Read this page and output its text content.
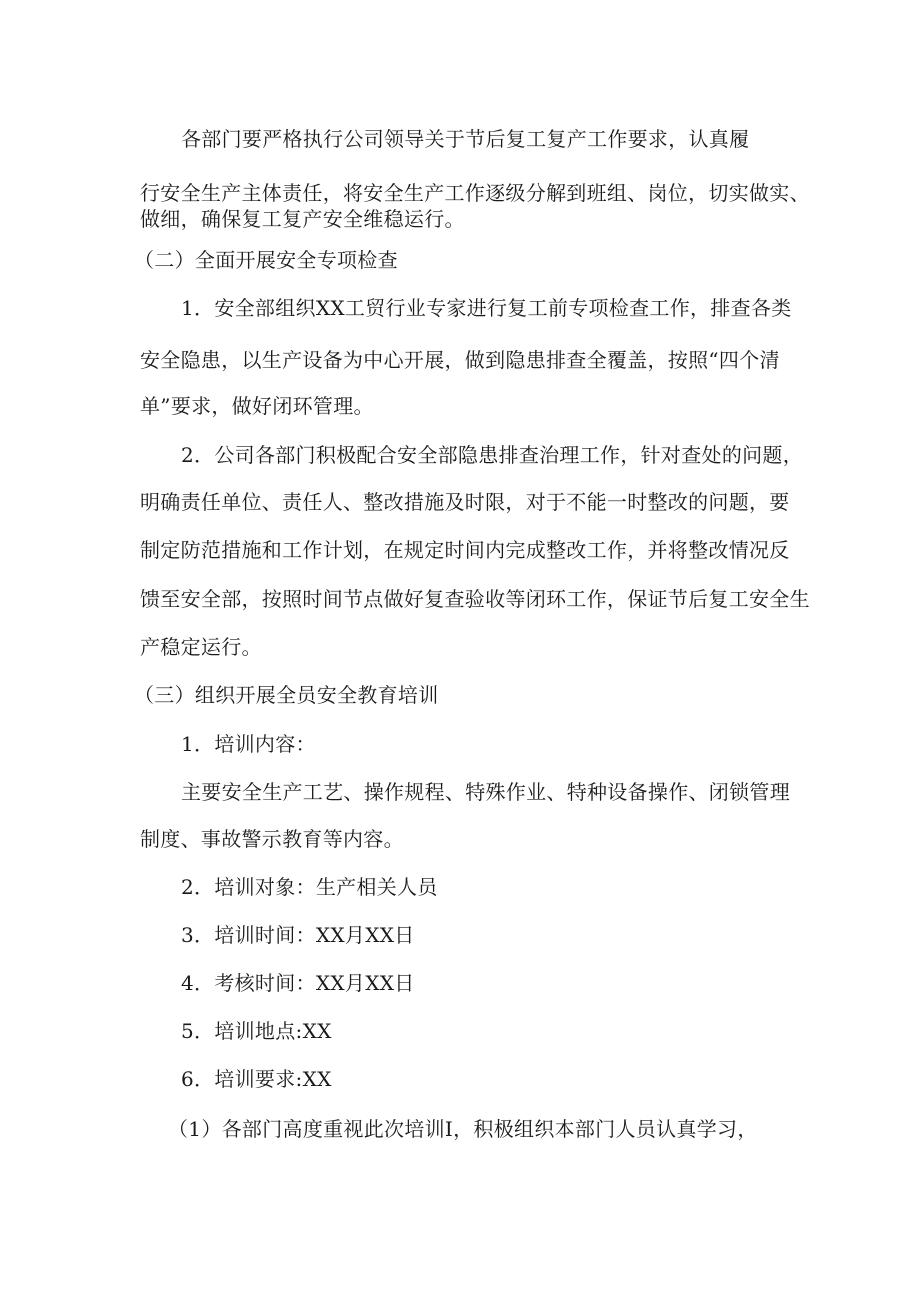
各部门要严格执行公司领导关于节后复工复产工作要求，认真履
行安全生产主体责任，将安全生产工作逐级分解到班组、岗位，切实做实、
做细，确保复工复产安全维稳运行。
（二）全面开展安全专项检查
1．安全部组织XX工贸行业专家进行复工前专项检查工作，排查各类
安全隐患，以生产设备为中心开展，做到隐患排查全覆盖，按照“四个清
单”要求，做好闭环管理。
2．公司各部门积极配合安全部隐患排查治理工作，针对查处的问题，
明确责任单位、责任人、整改措施及时限，对于不能一时整改的问题，要
制定防范措施和工作计划，在规定时间内完成整改工作，并将整改情况反
馈至安全部，按照时间节点做好复查验收等闭环工作，保证节后复工安全生
产稳定运行。
（三）组织开展全员安全教育培训
1．培训内容：
主要安全生产工艺、操作规程、特殊作业、特种设备操作、闭锁管理
制度、事故警示教育等内容。
2．培训对象：生产相关人员
3．培训时间：XX月XX日
4．考核时间：XX月XX日
5．培训地点:XX
6．培训要求:XX
（1）各部门高度重视此次培训I，积极组织本部门人员认真学习，
